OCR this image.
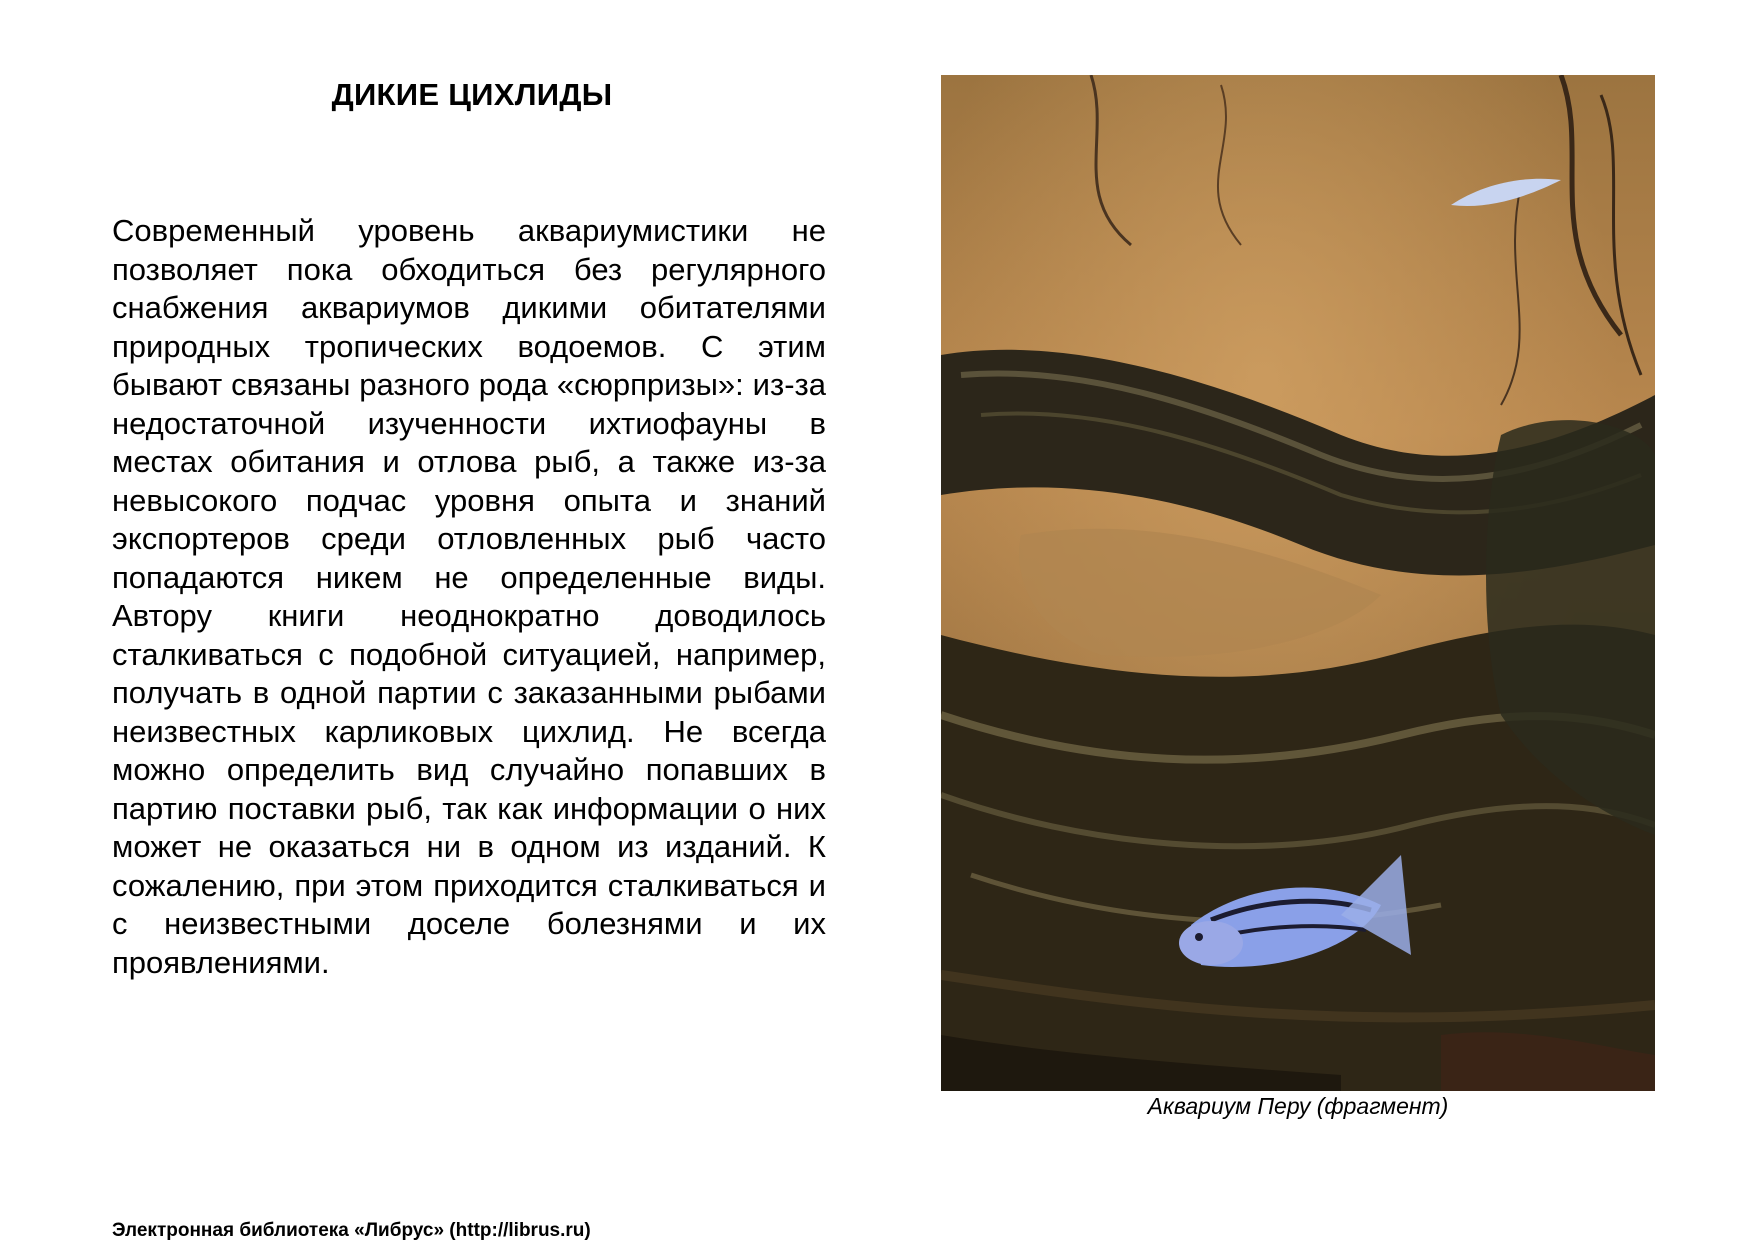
ДИКИЕ ЦИХЛИДЫ
Современный уровень аквариумистики не позволяет пока обходиться без регулярного снабжения аквариумов дикими обитателями природных тропических водоемов. С этим бывают связаны разного рода «сюрпризы»: из-за недостаточной изученности ихтиофауны в местах обитания и отлова рыб, а также из-за невысокого подчас уровня опыта и знаний экспортеров среди отловленных рыб часто попадаются никем не определенные виды. Автору книги неоднократно доводилось сталкиваться с подобной ситуацией, например, получать в одной партии с заказанными рыбами неизвестных карликовых цихлид. Не всегда можно определить вид случайно попавших в партию поставки рыб, так как информации о них может не оказаться ни в одном из изданий. К сожалению, при этом приходится сталкиваться и с неизвестными доселе болезнями и их проявлениями.
Аквариум Перу (фрагмент)
Электронная библиотека «Либрус» (http://librus.ru)
